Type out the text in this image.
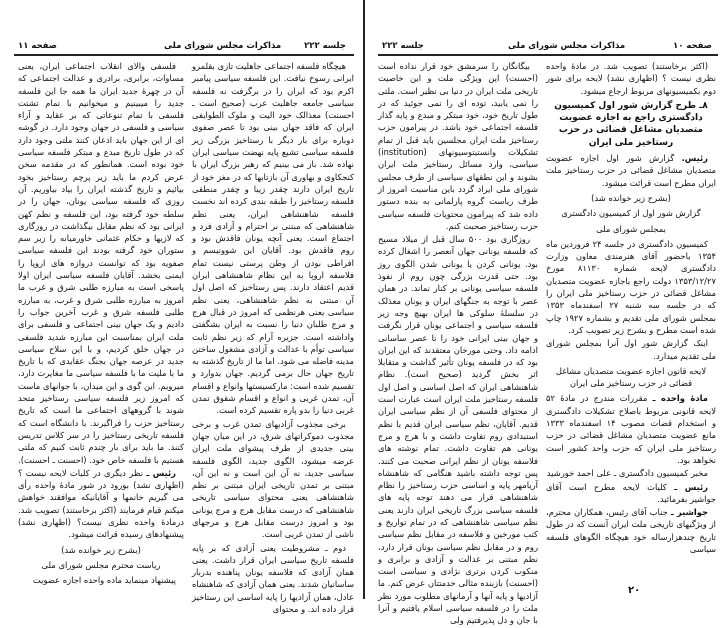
صفحه ۱۱	مذاکرات مجلس شورای ملی	جلسه ۲۲۲	جلسه ۲۲۲	مذاکرات مجلس شورای ملی	صفحه ۱۰

(اکثر برخاستند) تصویب شد. در مادهٔ واحده نظری نیست ؟ (اظهاری نشد) لایحه برای شور دوم بکمیسیونهای مربوط ارجاع میشود.

۸ـ طرح گزارش شور اول کمیسیون دادگستری راجع به اجازه عضویت متصدیان مشاغل قضائی در حزب رستاخیز ملی ایران

رئیس. گزارش شور اول اجازه عضویت متصدیان مشاغل قضائی در حزب رستاخیز ملت ایران مطرح است قرائت میشود.

(بشرح زیر خوانده شد)

گزارش شور اول از کمیسیون دادگستری

بمجلس شورای ملی

کمیسیون دادگستری در جلسه ۲۴ فروردین ماه ۱۳۵۴ باحضور آقای هنرمندی معاون وزارت دادگستری لایحه شماره ۸۱۱۳۰ مورخ ۱۳۵۳/۱۲/۲۷ دولت راجع باجازه عضویت متصدیان مشاغل قضائی در حزب رستاخیز ملی ایران را که در جلسه سه شنبه ۲۷ اسفندماه ۱۳۵۳ بمجلس شورای ملی تقدیم و بشماره ۱۹۲۷ چاپ شده است مطرح و بشرح زیر تصویب کرد.

اینک گزارش شور اول آنرا بمجلس شورای ملی تقدیم میدارد.

لایحه قانون اجازه عضویت متصدیان مشاغل قضائی در حزب رستاخیز ملی ایران

مادهٔ واحده ـ مقررات مندرج در مادهٔ ۵۲ لایحه قانونی مربوط باصلاح تشکیلات دادگستری و استخدام قضات مصوب ۱۴ اسفندماه ۱۳۳۳ مانع عضویت متصدیان مشاغل قضائی در حزب رستاخیز ملی ایران که حزب واحد کشور است نخواهد بود.

مخبر کمیسیون دادگستری ـ علی احمد خورشید

رئیس ـ کلیات لایحه مطرح است آقای جواشیر بفرمائید.

جواشیر ـ جناب آقای رئیس، همکاران محترم، از ویژگیهای تاریخی ملت ایران آنست که در طول تاریخ چندهزارساله خود هیچگاه الگوهای فلسفه سیاسی

بیگانگان را سرمشق خود قرار نداده است (احسنت) این ویژگی ملت و این خاصیت تاریخی ملت ایران در دنیا بی نظیر است. ملتی را نمی یابید، توده ای را نمی جوئید که در طول تاریخ خود، خود مبتکر و مبدع و پایه گذار فلسفه اجتماعی خود باشد. در پیرامون حزب رستاخیز ملت ایران مجلسین باید قبل از تمام تشکیلات وانستیتوسیونهای (institution) سیاسی، وارد مسائل رستاخیز ملت ایران بشوند و این نطقهای سیاسی از طرف مجلس شورای ملی ایراد گردد باین مناسبت امروز از طرف ریاست گروه پارلمانی به بنده دستور داده شد که پیرامون محتویات فلسفه سیاسی حزب رستاخیز صحبت کنم.

روزگاری بود ۵۰۰ سال قبل از میلاد مسیح که فلسفه یونانی جهان آنعصر را اشغال کرده بود. یونانی کردن یا یونانی شدن الگوی روز بود. حتی قدرت بزرگی چون روم از نفوذ فلسفه سیاسی یونانی بر کنار نماند. در همان عصر با توجه به جنگهای ایران و یونان معذلک در سلسلهٔ سلوکی ها ایران بهیچ وجه زیر فلسفه سیاسی و اجتماعی یونان قرار نگرفت و جهان بینی ایرانی خود را تا عصر ساسانی ادامه داد. وحتی مورخان معتقدند که این ایران بود که در فلسفه یونان تأثیر گذاشت و متقابلا اثر بخش گردید (صحیح است). نظام شاهنشاهی ایران که اصل اساسی و اصل اول فلسفه رستاخیز ملت ایران است عبارت است از محتوای فلسفی آن از نظم سیاسی ایران قدیم. آقایان، نظم سیاسی ایران قدیم با نظم استبدادی روم تفاوت داشت و با هرج و مرج یونانی هم تفاوت داشت. تمام نوشته های فلاسفه یونان از نظم ایرانی صحبت می کنند. پس توجه داشته باشید هنگامی که شاهنشاه آریامهر پایه و اساسی حزب رستاخیز را نظام شاهنشاهی قرار می دهند توجه پایه های فلسفه سیاسی بزرگ تاریخی ایران دارند یعنی نظم سیاسی شاهنشاهی که در تمام تواریخ و کتب مورخین و فلاسفه در مقابل نظم سیاسی روم و در مقابل نظم سیاسی یونان قرار دارد، نظم مبتنی بر عدالت و آزادی و برابری و منکوب کردن برتری نژادی و سیاسی است (احسنت) بازبنده مثالی خدمتتان عرض کنم. ما آزادیها و پایه آنها و آرمانهای مطلوب مورد نظر ملت را در فلسفه سیاسی اسلام یافتیم و آنرا با جان و دل پذیرفتیم ولی

هیچگاه فلسفه اجتماعی جاهلیت تازی بقلمرو ایرانی رسوخ نیافت. این فلسفه سیاسی پیامبر اکرم بود که ایران را در برگرفت نه فلسفه سیاسی جامعه جاهلیت عرب (صحیح است ـ احسنت) معذالک خود الیت و ملوک الطوایفی ایران که فاقد جهان بینی بود تا عصر صفوی دوباره برای بار دیگر با رستاخیز بزرگی زیر فلسفه سیاسی تشیع پایه نهضت سیاسی ایران نهاده شد. باز می بینیم که رهبر بزرگ ایران با کنجکاوی و بهاوری آن بازتابها که در مغز خود از تاریخ ایران دارند چقدر زیبا و چقدر منطقی فلسفه رستاخیز را طبقه بندی کرده اند نخست فلسفه شاهنشاهی ایران، یعنی نظم شاهنشاهی که مبتنی بر احترام و آزادی فرد و اجتماع است. یعنی آنچه یونان فاقدش بود و روم فاقدش بود. آقایان این شوونیسم و افراطی بودن از وطن پرستی نیست تمام فلاسفه اروپا به این نظام شاهنشاهی ایران قدیم اعتقاد دارند. پس رستاخیز که اصل اول آن مبتنی به نظم شاهنشاهی، یعنی نظم سیاسی یعنی هرنظمی که امروز در قبال هرج و مرج طلبان دنیا را نسبت به ایران بشگفتی واداشته است. جزیره آرام که زیر نظم ثابت سیاسی توأم با عدالت و آزادی مشغول ساختن مدینه فاضله می شود. اما ما از تاریخ گذشته به تاریخ جهان حال برمی گردیم. جهان بدوارد و تقسیم شده است: مارکسیستها وانواع و اقسام آن، تمدن غربی و انواع و اقسام شقوق تمدن غربی دنیا را بدو پاره تقسیم کرده است.

برخی مجذوب آزادیهای تمدن غرب و برخی مجذوب دموکراتهای شرق، در این میان جهان بینی جدیدی از طرف پیشوای ملت ایران عرضه میشود، الگوی جدید، الگوی فلسفه سیاسی جدید، نه آن این است و نه این آن، مبتنی بر تمدن تاریخی ایران مبتنی بر نظم شاهنشاهی یعنی محتوای سیاسی تاریخی شاهنشاهی که درست مقابل هرج و مرج یونانی بود و امروز درست مقابل هرج و مرجهای ناشی از تمدن غربی است.

دوم ـ مشروطیت یعنی آزادی که بر پایه فلسفه تاریخ سیاسی ایران قرار داشت. یعنی همان آزادی که فلاسفه یونان پناهنده بدربار ساسانیان شدند. یعنی همان آزادی که شاهنشاه عادل، همان آزادیها را پایه اساسی این رستاخیز قرار داده اند. و محتوای

فلسفی والای انقلاب اجتماعی ایران، یعنی مساوات، برابری، برادری و عدالت اجتماعی که آن در چهرهٔ جدید ایران ما همه جا این فلسفه جدید را میبینیم و میخوانیم با تمام تشتت فلسفی با تمام تنوعاتی که بر عقاید و آراء سیاسی و فلسفی در جهان وجود دارد. در گوشه ای از این جهان باید اذعان کنند ملتی وجود دارد که در طول تاریخ مبدع و مبتکر فلسفه سیاسی خود بوده است. همانطور که در مقدمه سخن عرض کردم ما باید زیر پرچم رستاخیز بخود بیائیم و تاریخ گذشته ایران را بیاد بیاوریم. آن روزی که فلسفه سیاسی یونان، جهان را در سلطه خود گرفته بود، این فلسفه و نظم کهن ایرانی بود که نظم مقابل بیگذاشت در روزگاری که لازیها و حکام عثمانی خاورمیانه را زیر سم ستوران خود گرفته بودند این فلسفه سیاسی صفویه بود که توانست دروازه های اروپا را ایمنی بخشد. آقایان فلسفه سیاسی ایران اولا پاسخی است به مبارزه طلبی شرق و غرب ما امروز به مبارزه طلبی شرق و غرب، به مبارزه طلبی فلسفه شرق و غرب آخرین جواب را دادیم و یک جهان بینی اجتماعی و فلسفی برای ملت ایران بمناسبت این مبارزه شدید فلسفی در جهان خلق کردیم، و با این سلاح سیاسی جدید در عرصه جهان بجنگ عقایدی که با تاریخ ما با ملیت ما با فلسفه سیاسی ما مغایرت دارد، میرویم. این گوی و این میدان، با جوانهای ماست که امروز زیر فلسفه سیاسی رستاخیز متحد شوند با گروههای اجتماعی ما است که تاریخ رستاخیز حزب را فراگیرند. با دانشگاه است که فلسفه تاریخی رستاخیز را در سر کلاس تدریس کنند. ما باید برای بار چندم ثابت کنیم که ملتی هستیم با فلسفه خاص خود. (احسنت ـ احسنت).

رئیس ـ نظر دیگری در کلیات لایحه نیست ؟ (اظهاری نشد) بورود در شور مادهٔ واحده رأی می گیریم خانمها و آقایانیکه موافقند خواهش میکنم قیام فرمایند (اکثر برخاستند) تصویب شد. درمادهٔ واحده نظری نیست؟ (اظهاری نشد) پیشنهادهای رسیده قرائت میشود.

(بشرح زیر خوانده شد)

ریاست محترم مجلس شورای ملی

پیشنهاد مینماید ماده واحده اجازه عضویت

۲۰
